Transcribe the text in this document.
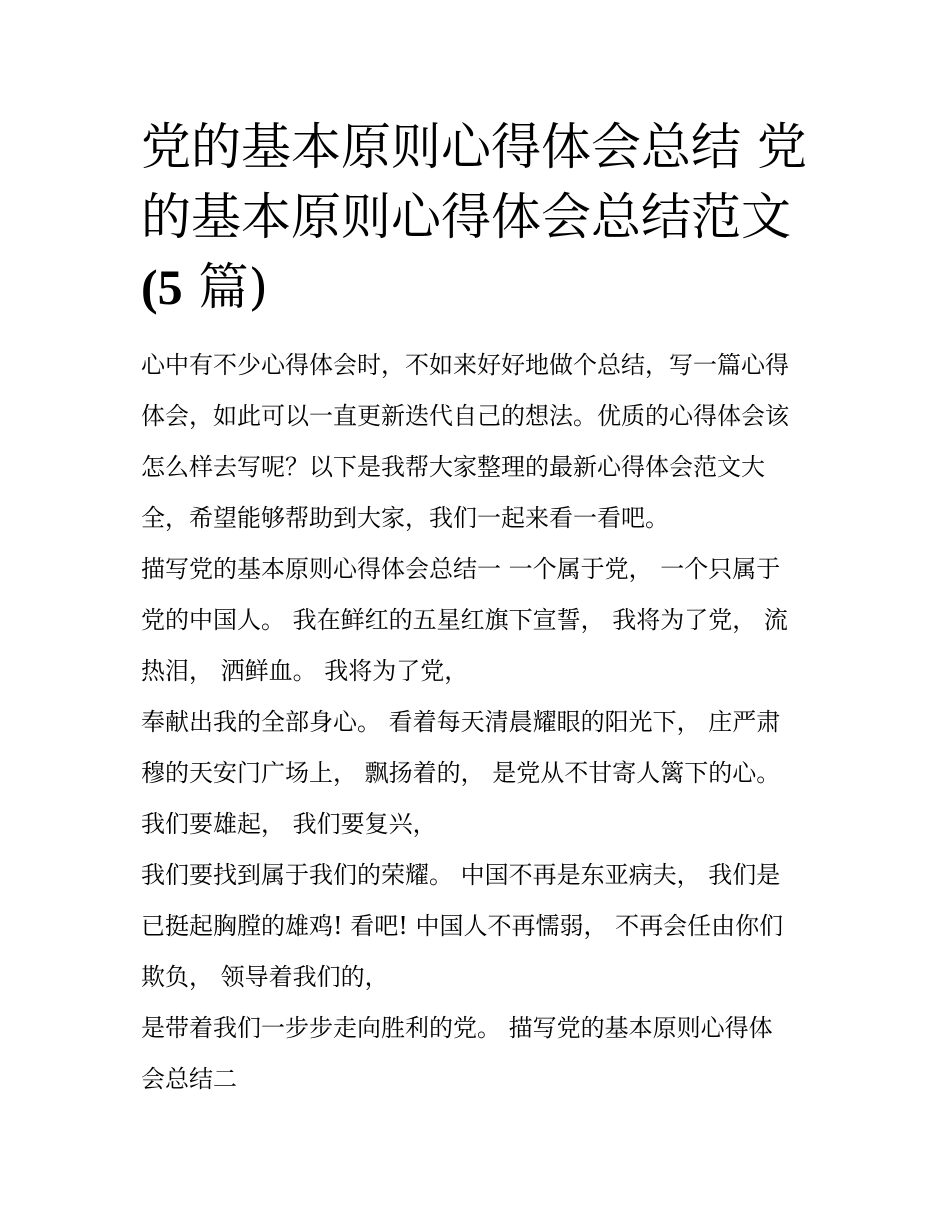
党的基本原则心得体会总结 党
的基本原则心得体会总结范文
(5 篇)
心中有不少心得体会时，不如来好好地做个总结，写一篇心得
体会，如此可以一直更新迭代自己的想法。优质的心得体会该
怎么样去写呢？以下是我帮大家整理的最新心得体会范文大
全，希望能够帮助到大家，我们一起来看一看吧。
描写党的基本原则心得体会总结一 一个属于党， 一个只属于
党的中国人。 我在鲜红的五星红旗下宣誓， 我将为了党， 流
热泪， 洒鲜血。 我将为了党，
奉献出我的全部身心。 看着每天清晨耀眼的阳光下， 庄严肃
穆的天安门广场上， 飘扬着的， 是党从不甘寄人篱下的心。
我们要雄起， 我们要复兴，
我们要找到属于我们的荣耀。 中国不再是东亚病夫， 我们是
已挺起胸膛的雄鸡! 看吧! 中国人不再懦弱， 不再会任由你们
欺负， 领导着我们的，
是带着我们一步步走向胜利的党。 描写党的基本原则心得体
会总结二
